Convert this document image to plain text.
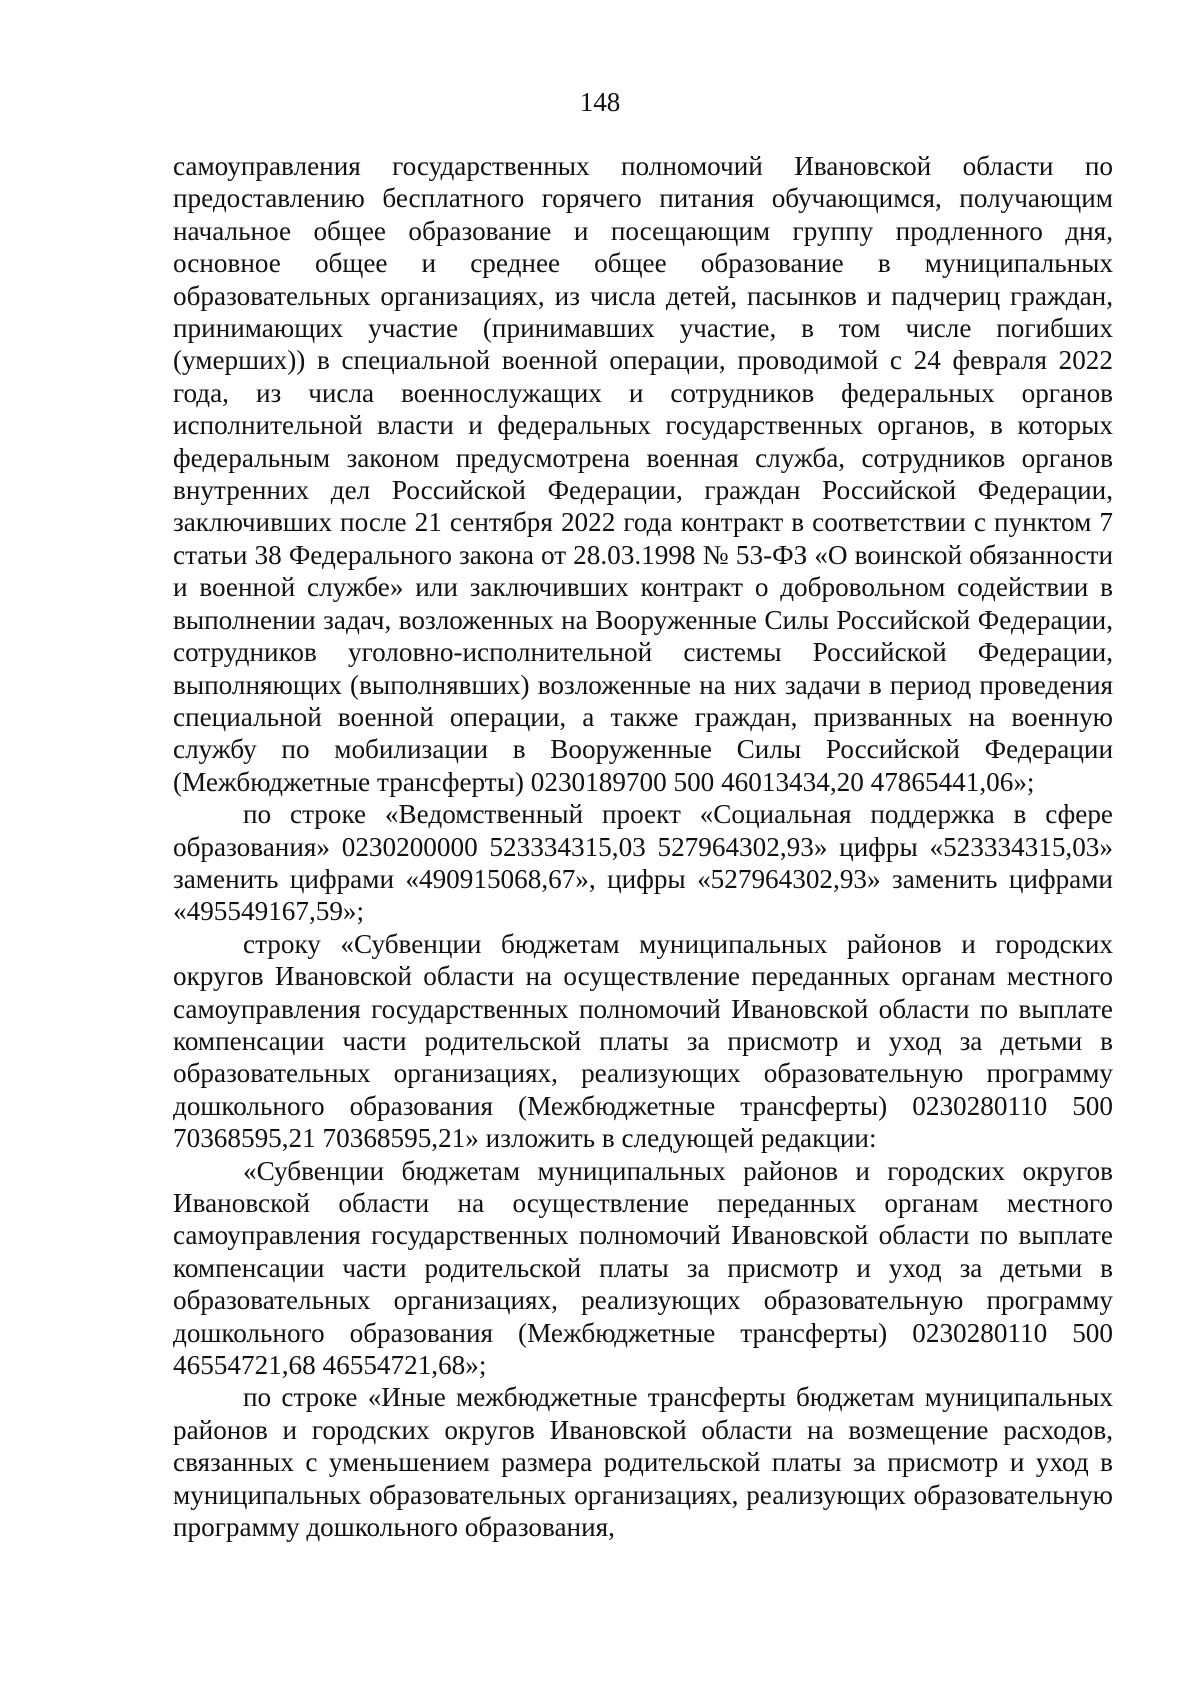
148

самоуправления государственных полномочий Ивановской области по предоставлению бесплатного горячего питания обучающимся, получающим начальное общее образование и посещающим группу продленного дня, основное общее и среднее общее образование в муниципальных образовательных организациях, из числа детей, пасынков и падчериц граждан, принимающих участие (принимавших участие, в том числе погибших (умерших)) в специальной военной операции, проводимой с 24 февраля 2022 года, из числа военнослужащих и сотрудников федеральных органов исполнительной власти и федеральных государственных органов, в которых федеральным законом предусмотрена военная служба, сотрудников органов внутренних дел Российской Федерации, граждан Российской Федерации, заключивших после 21 сентября 2022 года контракт в соответствии с пунктом 7 статьи 38 Федерального закона от 28.03.1998 № 53-ФЗ «О воинской обязанности и военной службе» или заключивших контракт о добровольном содействии в выполнении задач, возложенных на Вооруженные Силы Российской Федерации, сотрудников уголовно-исполнительной системы Российской Федерации, выполняющих (выполнявших) возложенные на них задачи в период проведения специальной военной операции, а также граждан, призванных на военную службу по мобилизации в Вооруженные Силы Российской Федерации (Межбюджетные трансферты) 0230189700 500 46013434,20 47865441,06»;

по строке «Ведомственный проект «Социальная поддержка в сфере образования» 0230200000 523334315,03 527964302,93» цифры «523334315,03» заменить цифрами «490915068,67», цифры «527964302,93» заменить цифрами «495549167,59»;

строку «Субвенции бюджетам муниципальных районов и городских округов Ивановской области на осуществление переданных органам местного самоуправления государственных полномочий Ивановской области по выплате компенсации части родительской платы за присмотр и уход за детьми в образовательных организациях, реализующих образовательную программу дошкольного образования (Межбюджетные трансферты) 0230280110 500 70368595,21 70368595,21» изложить в следующей редакции:

«Субвенции бюджетам муниципальных районов и городских округов Ивановской области на осуществление переданных органам местного самоуправления государственных полномочий Ивановской области по выплате компенсации части родительской платы за присмотр и уход за детьми в образовательных организациях, реализующих образовательную программу дошкольного образования (Межбюджетные трансферты) 0230280110 500 46554721,68 46554721,68»;

по строке «Иные межбюджетные трансферты бюджетам муниципальных районов и городских округов Ивановской области на возмещение расходов, связанных с уменьшением размера родительской платы за присмотр и уход в муниципальных образовательных организациях, реализующих образовательную программу дошкольного образования,
